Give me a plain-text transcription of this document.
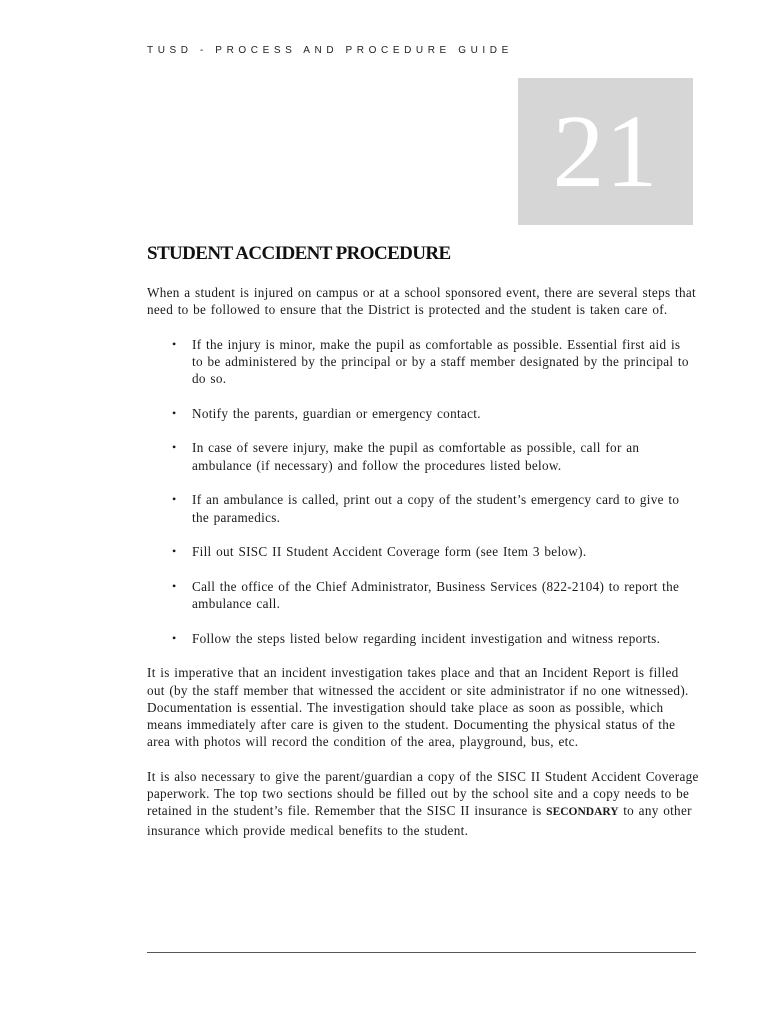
TUSD - PROCESS AND PROCEDURE GUIDE
21
STUDENT ACCIDENT PROCEDURE

When a student is injured on campus or at a school sponsored event, there are several steps that need to be followed to ensure that the District is protected and the student is taken care of.

• If the injury is minor, make the pupil as comfortable as possible. Essential first aid is to be administered by the principal or by a staff member designated by the principal to do so.
• Notify the parents, guardian or emergency contact.
• In case of severe injury, make the pupil as comfortable as possible, call for an ambulance (if necessary) and follow the procedures listed below.
• If an ambulance is called, print out a copy of the student’s emergency card to give to the paramedics.
• Fill out SISC II Student Accident Coverage form (see Item 3 below).
• Call the office of the Chief Administrator, Business Services (822-2104) to report the ambulance call.
• Follow the steps listed below regarding incident investigation and witness reports.

It is imperative that an incident investigation takes place and that an Incident Report is filled out (by the staff member that witnessed the accident or site administrator if no one witnessed). Documentation is essential. The investigation should take place as soon as possible, which means immediately after care is given to the student. Documenting the physical status of the area with photos will record the condition of the area, playground, bus, etc.

It is also necessary to give the parent/guardian a copy of the SISC II Student Accident Coverage paperwork. The top two sections should be filled out by the school site and a copy needs to be retained in the student’s file. Remember that the SISC II insurance is SECONDARY to any other insurance which provide medical benefits to the student.
